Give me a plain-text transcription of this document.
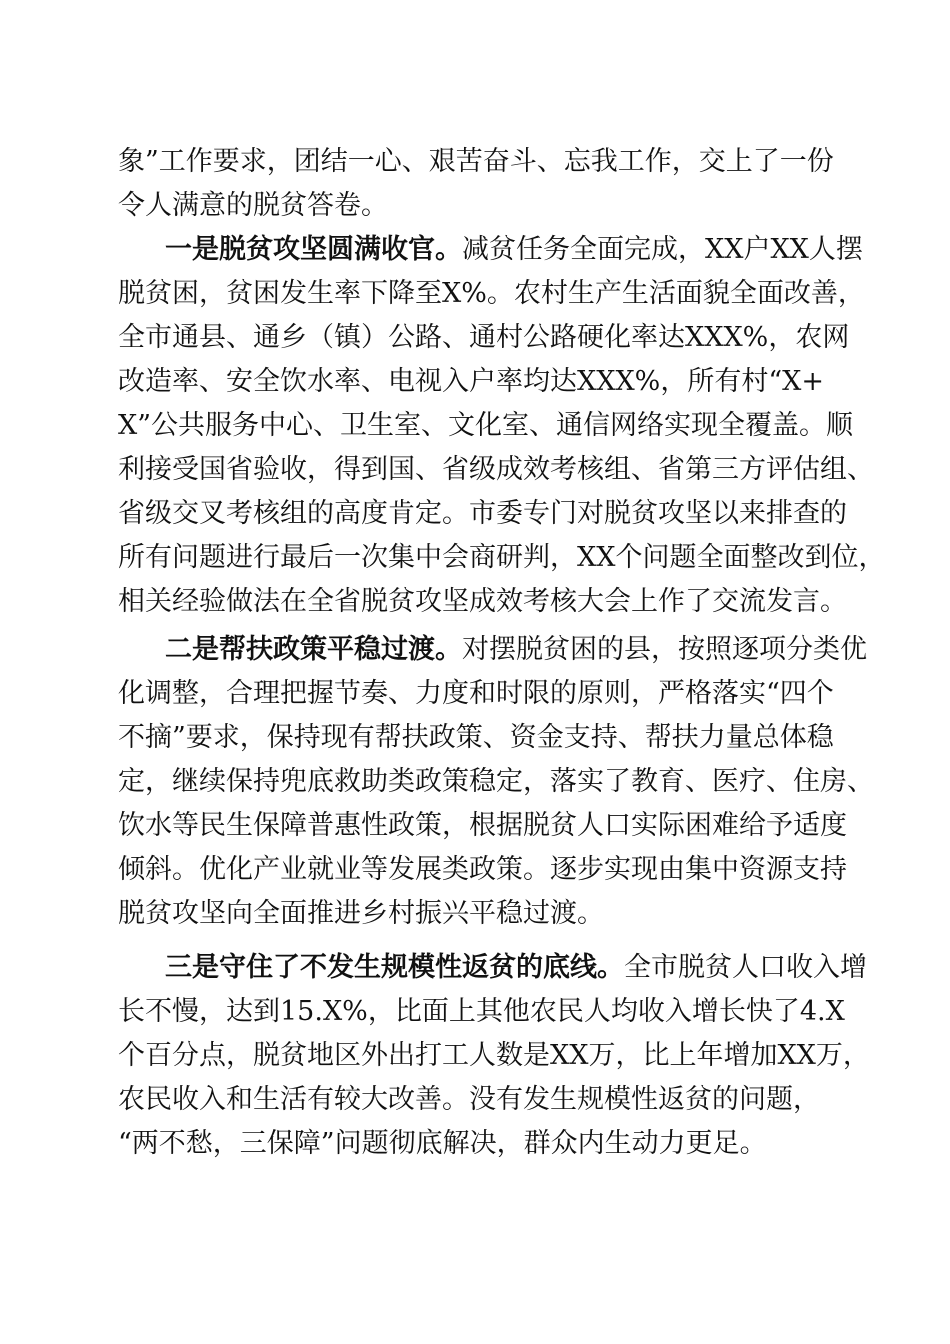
象”工作要求，团结一心、艰苦奋斗、忘我工作，交上了一份
令人满意的脱贫答卷。
一是脱贫攻坚圆满收官。减贫任务全面完成，XX户XX人摆
脱贫困，贫困发生率下降至X%。农村生产生活面貌全面改善，
全市通县、通乡（镇）公路、通村公路硬化率达XXX%，农网
改造率、安全饮水率、电视入户率均达XXX%，所有村“X+
X”公共服务中心、卫生室、文化室、通信网络实现全覆盖。顺
利接受国省验收，得到国、省级成效考核组、省第三方评估组、
省级交叉考核组的高度肯定。市委专门对脱贫攻坚以来排查的
所有问题进行最后一次集中会商研判，XX个问题全面整改到位，
相关经验做法在全省脱贫攻坚成效考核大会上作了交流发言。
二是帮扶政策平稳过渡。对摆脱贫困的县，按照逐项分类优
化调整，合理把握节奏、力度和时限的原则，严格落实“四个
不摘”要求，保持现有帮扶政策、资金支持、帮扶力量总体稳
定，继续保持兜底救助类政策稳定，落实了教育、医疗、住房、
饮水等民生保障普惠性政策，根据脱贫人口实际困难给予适度
倾斜。优化产业就业等发展类政策。逐步实现由集中资源支持
脱贫攻坚向全面推进乡村振兴平稳过渡。
三是守住了不发生规模性返贫的底线。全市脱贫人口收入增
长不慢，达到15.X%，比面上其他农民人均收入增长快了4.X
个百分点，脱贫地区外出打工人数是XX万，比上年增加XX万，
农民收入和生活有较大改善。没有发生规模性返贫的问题，
“两不愁，三保障”问题彻底解决，群众内生动力更足。
